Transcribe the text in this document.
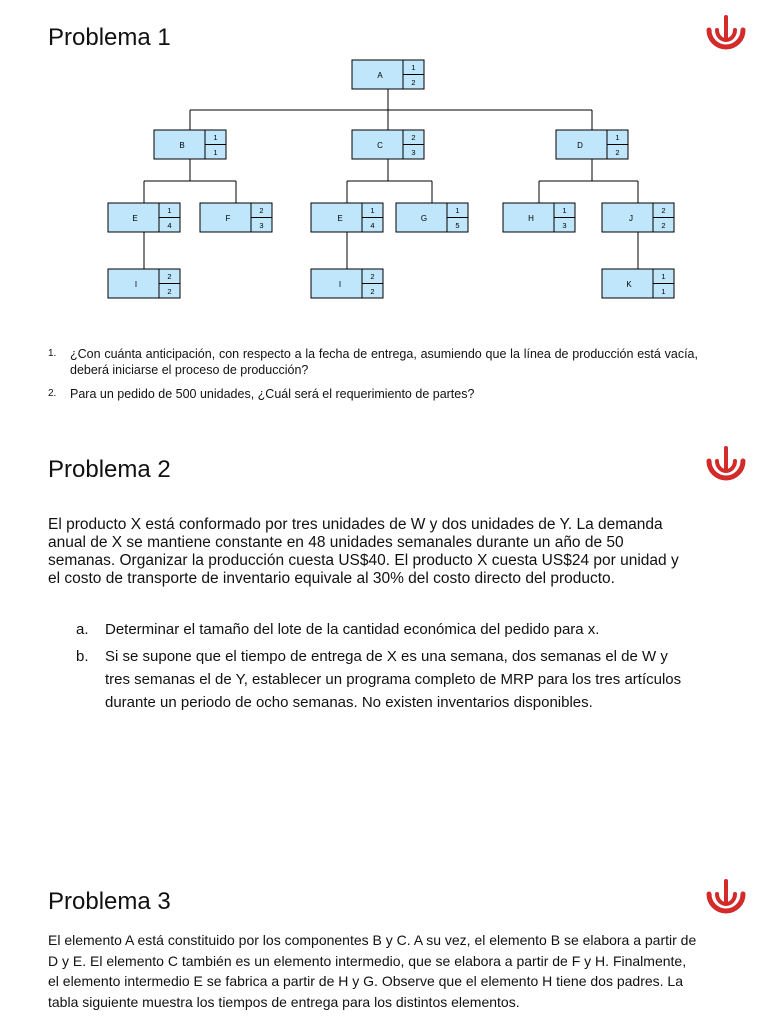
Problema 1
A
1
2
B
1
1
C
2
3
D
1
2
E
1
4
F
2
3
E
1
4
G
1
5
H
1
3
J
2
2
I
2
2
I
2
2
K
1
1
1.	¿Con cuánta anticipación, con respecto a la fecha de entrega, asumiendo que la línea de producción está vacía, deberá iniciarse el proceso de producción?
2.	Para un pedido de 500 unidades, ¿Cuál será el requerimiento de partes?
Problema 2

El producto X está conformado por tres unidades de W y dos unidades de Y. La demanda anual de X se mantiene constante en 48 unidades semanales durante un año de 50 semanas. Organizar la producción cuesta US$40. El producto X cuesta US$24 por unidad y el costo de transporte de inventario equivale al 30% del costo directo del producto.

a.	Determinar el tamaño del lote de la cantidad económica del pedido para x.
b.	Si se supone que el tiempo de entrega de X es una semana, dos semanas el de W y tres semanas el de Y, establecer un programa completo de MRP para los tres artículos durante un periodo de ocho semanas. No existen inventarios disponibles.
Problema 3

El elemento A está constituido por los componentes B y C. A su vez, el elemento B se elabora a partir de D y E. El elemento C también es un elemento intermedio, que se elabora a partir de F y H. Finalmente, el elemento intermedio E se fabrica a partir de H y G. Observe que el elemento H tiene dos padres. La tabla siguiente muestra los tiempos de entrega para los distintos elementos.
